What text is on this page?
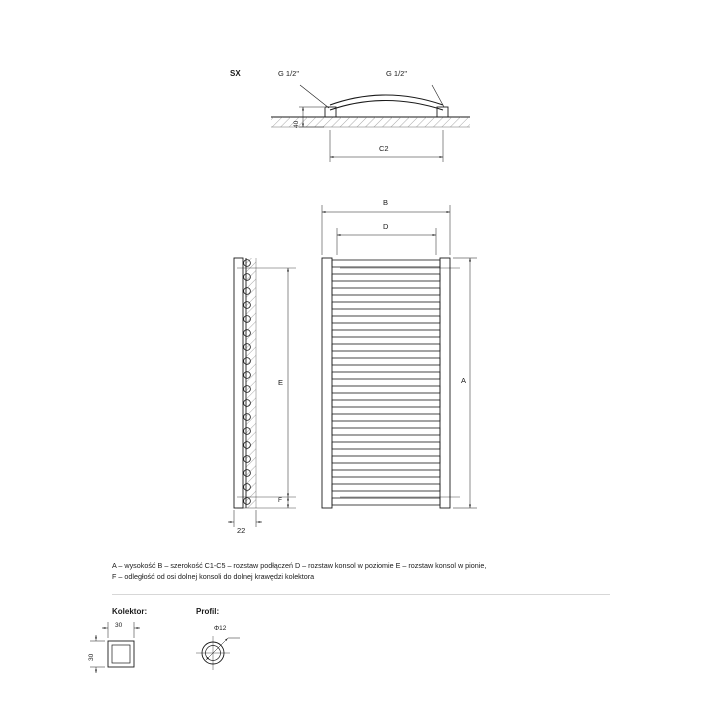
SX	G 1/2"	G 1/2"
40
C2
B
D
A
E
F
22
A – wysokość B – szerokość C1-C5 – rozstaw podłączeń D – rozstaw konsol w poziomie E – rozstaw konsol w pionie,
F – odległość od osi dolnej konsoli do dolnej krawędzi kolektora
Kolektor:	Profil:
30
30
Φ12
